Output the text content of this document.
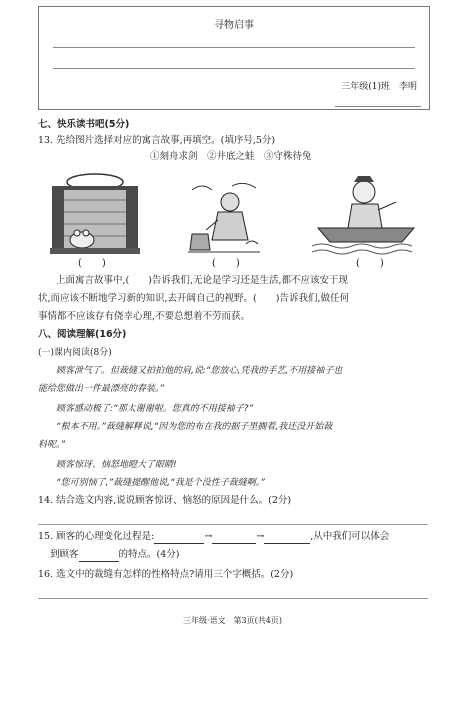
寻物启事
三年级(1)班　李明
七、快乐读书吧(5分)
13. 先给图片选择对应的寓言故事,再填空。(填序号,5分)
①刻舟求剑　②井底之蛙　③守株待兔
(　　)	(　　)	(　　)
上面寓言故事中,(　　)告诉我们,无论是学习还是生活,都不应该安于现
状,而应该不断地学习新的知识,去开阔自己的视野。(　　)告诉我们,做任何
事情都不应该存有侥幸心理,不要总想着不劳而获。
八、阅读理解(16分)
(一)课内阅读(8分)
顾客泄气了。但裁缝又拍拍他的肩,说:“您放心,凭我的手艺,不用接袖子也
能给您做出一件最漂亮的春装。”
顾客感动极了:“那太谢谢啦。您真的不用接袖子?”
“根本不用。”裁缝解释说,“因为您的布在我的据子里搁着,我还没开始裁
料呢。”
顾客惊讶、恼怒地瞪大了眼睛!
“您可别恼了,”裁缝提醒他说,“我是个没性子裁缝啊。”
14. 结合选文内容,说说顾客惊讶、恼怒的原因是什么。(2分)
15. 顾客的心理变化过程是:	→	→	,从中我们可以体会
到顾客	的特点。(4分)
16. 选文中的裁缝有怎样的性格特点?请用三个字概括。(2分)
三年级·语文　第3页(共4页)
